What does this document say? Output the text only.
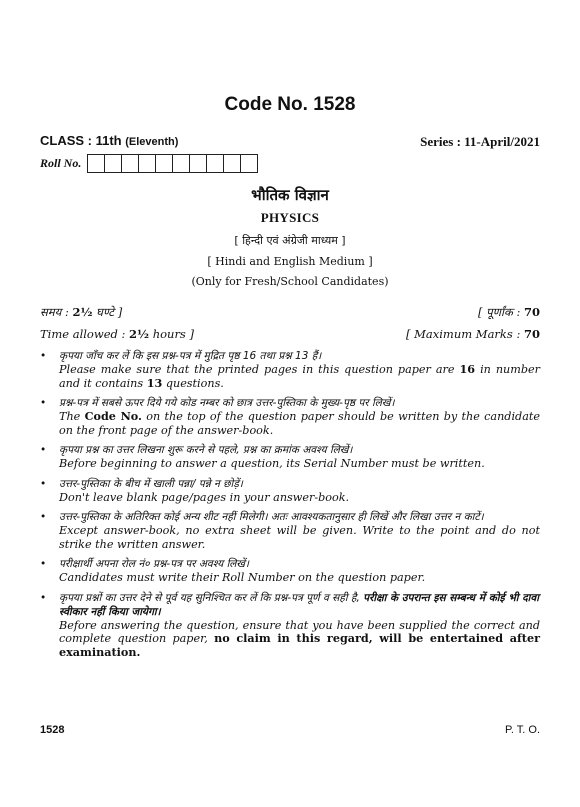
Code No. 1528
CLASS : 11th (Eleventh)	Series : 11-April/2021
Roll No.
भौतिक विज्ञान
PHYSICS
[ हिन्दी एवं अंग्रेजी माध्यम ]
[ Hindi and English Medium ]
(Only for Fresh/School Candidates)
समय : 2½ घण्टे ]	[ पूर्णांक : 70
Time allowed : 2½ hours ]	[ Maximum Marks : 70
•	कृपया जाँच कर लें कि इस प्रश्न-पत्र में मुद्रित पृष्ठ 16 तथा प्रश्न 13 हैं।
Please make sure that the printed pages in this question paper are 16 in number and it contains 13 questions.
•	प्रश्न-पत्र में सबसे ऊपर दिये गये कोड नम्बर को छात्र उत्तर-पुस्तिका के मुख्य-पृष्ठ पर लिखें।
The Code No. on the top of the question paper should be written by the candidate on the front page of the answer-book.
•	कृपया प्रश्न का उत्तर लिखना शुरू करने से पहले, प्रश्न का क्रमांक अवश्य लिखें।
Before beginning to answer a question, its Serial Number must be written.
•	उत्तर-पुस्तिका के बीच में खाली पन्ना/ पन्ने न छोड़ें।
Don't leave blank page/pages in your answer-book.
•	उत्तर-पुस्तिका के अतिरिक्त कोई अन्य शीट नहीं मिलेगी। अतः आवश्यकतानुसार ही लिखें और लिखा उत्तर न काटें।
Except answer-book, no extra sheet will be given. Write to the point and do not strike the written answer.
•	परीक्षार्थी अपना रोल नं० प्रश्न-पत्र पर अवश्य लिखें।
Candidates must write their Roll Number on the question paper.
•	कृपया प्रश्नों का उत्तर देने से पूर्व यह सुनिश्चित कर लें कि प्रश्न-पत्र पूर्ण व सही है, परीक्षा के उपरान्त इस सम्बन्ध में कोई भी दावा स्वीकार नहीं किया जायेगा।
Before answering the question, ensure that you have been supplied the correct and complete question paper, no claim in this regard, will be entertained after examination.
1528	P. T. O.
